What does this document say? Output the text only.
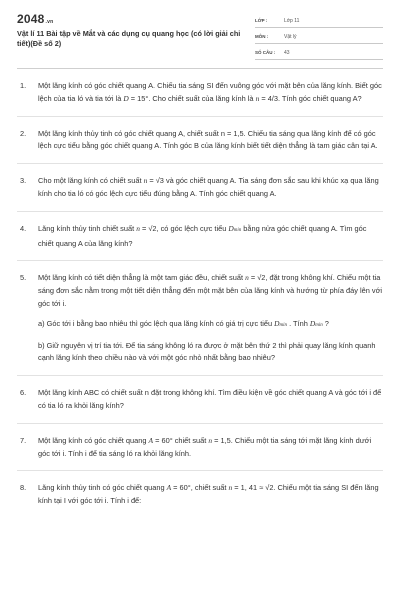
2048.vn
Vật lí 11 Bài tập về Mắt và các dụng cụ quang học (có lời giải chi tiết)(Đề số 2)
LỚP :	Lớp 11
MÔN :	Vật lý
SỐ CÂU : 43
1. Một lăng kính có góc chiết quang A. Chiếu tia sáng SI đến vuông góc với mặt bên của lăng kính. Biết góc lệch của tia ló và tia tới là D = 15°. Cho chiết suất của lăng kính là n = 4/3. Tính góc chiết quang A?

2. Một lăng kính thủy tinh có góc chiết quang A, chiết suất n = 1,5. Chiếu tia sáng qua lăng kính để có góc lệch cực tiểu bằng góc chiết quang A. Tính góc B của lăng kính biết tiết diện thẳng là tam giác cân tại A.

3. Cho một lăng kính có chiết suất n = √3 và góc chiết quang A. Tia sáng đơn sắc sau khi khúc xạ qua lăng kính cho tia ló có góc lệch cực tiểu đúng bằng A. Tính góc chiết quang A.

4. Lăng kính thủy tinh chiết suất n = √2, có góc lệch cực tiểu Dmin bằng nửa góc chiết quang A. Tìm góc chiết quang A của lăng kính?

5. Một lăng kính có tiết diện thẳng là một tam giác đều, chiết suất n = √2, đặt trong không khí. Chiếu một tia sáng đơn sắc nằm trong một tiết diện thẳng đến một mặt bên của lăng kính và hướng từ phía đáy lên với góc tới i.

a) Góc tới i bằng bao nhiêu thì góc lệch qua lăng kính có giá trị cực tiểu Dmin . Tính Dmin ?

b) Giữ nguyên vị trí tia tới. Để tia sáng không ló ra được ở mặt bên thứ 2 thì phải quay lăng kính quanh cạnh lăng kính theo chiều nào và với một góc nhỏ nhất bằng bao nhiêu?

6. Một lăng kính ABC có chiết suất n đặt trong không khí. Tìm điều kiện về góc chiết quang A và góc tới i để có tia ló ra khỏi lăng kính?

7. Một lăng kính có góc chiết quang A = 60° chiết suất n = 1,5. Chiếu một tia sáng tới mặt lăng kính dưới góc tới i. Tính i để tia sáng ló ra khỏi lăng kính.

8. Lăng kính thủy tinh có góc chiết quang A = 60°, chiết suất n = 1, 41 ≈ √2. Chiếu một tia sáng SI đến lăng kính tại I với góc tới i. Tính i để:
